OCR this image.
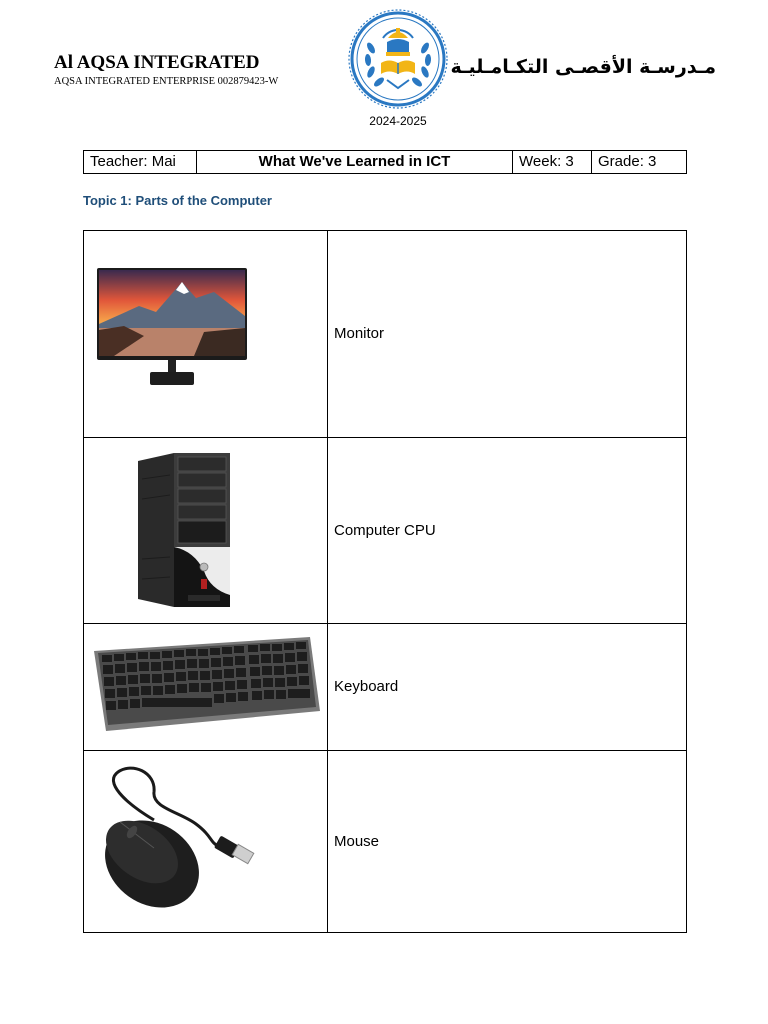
Al AQSA INTEGRATED
AQSA INTEGRATED ENTERPRISE 002879423-W
2024-2025
مـدرسـة الأقصـى التكـامـليـة
Teacher: Mai	What We've Learned in ICT	Week: 3	Grade: 3
Topic 1: Parts of the Computer
	Monitor

	Computer CPU

	Keyboard

	Mouse
